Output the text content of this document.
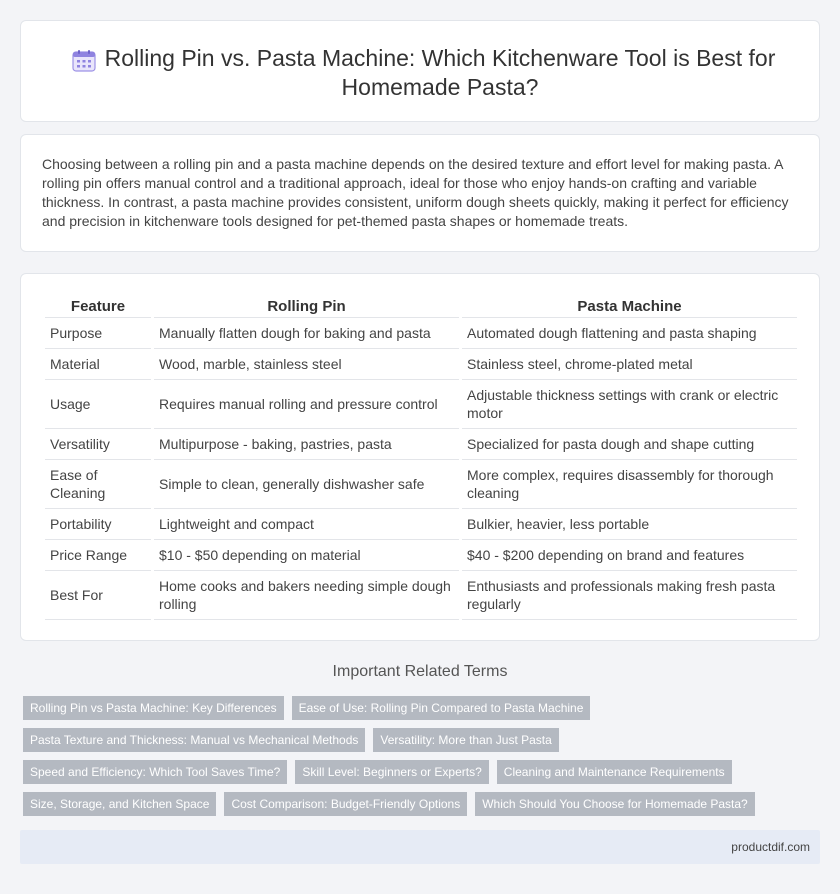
Rolling Pin vs. Pasta Machine: Which Kitchenware Tool is Best for Homemade Pasta?

Choosing between a rolling pin and a pasta machine depends on the desired texture and effort level for making pasta. A rolling pin offers manual control and a traditional approach, ideal for those who enjoy hands-on crafting and variable thickness. In contrast, a pasta machine provides consistent, uniform dough sheets quickly, making it perfect for efficiency and precision in kitchenware tools designed for pet-themed pasta shapes or homemade treats.

Feature	Rolling Pin	Pasta Machine
Purpose	Manually flatten dough for baking and pasta	Automated dough flattening and pasta shaping
Material	Wood, marble, stainless steel	Stainless steel, chrome-plated metal
Usage	Requires manual rolling and pressure control	Adjustable thickness settings with crank or electric motor
Versatility	Multipurpose - baking, pastries, pasta	Specialized for pasta dough and shape cutting
Ease of Cleaning	Simple to clean, generally dishwasher safe	More complex, requires disassembly for thorough cleaning
Portability	Lightweight and compact	Bulkier, heavier, less portable
Price Range	$10 - $50 depending on material	$40 - $200 depending on brand and features
Best For	Home cooks and bakers needing simple dough rolling	Enthusiasts and professionals making fresh pasta regularly
Important Related Terms
Rolling Pin vs Pasta Machine: Key Differences	Ease of Use: Rolling Pin Compared to Pasta Machine
Pasta Texture and Thickness: Manual vs Mechanical Methods	Versatility: More than Just Pasta
Speed and Efficiency: Which Tool Saves Time?	Skill Level: Beginners or Experts?	Cleaning and Maintenance Requirements
Size, Storage, and Kitchen Space	Cost Comparison: Budget-Friendly Options	Which Should You Choose for Homemade Pasta?
productdif.com
